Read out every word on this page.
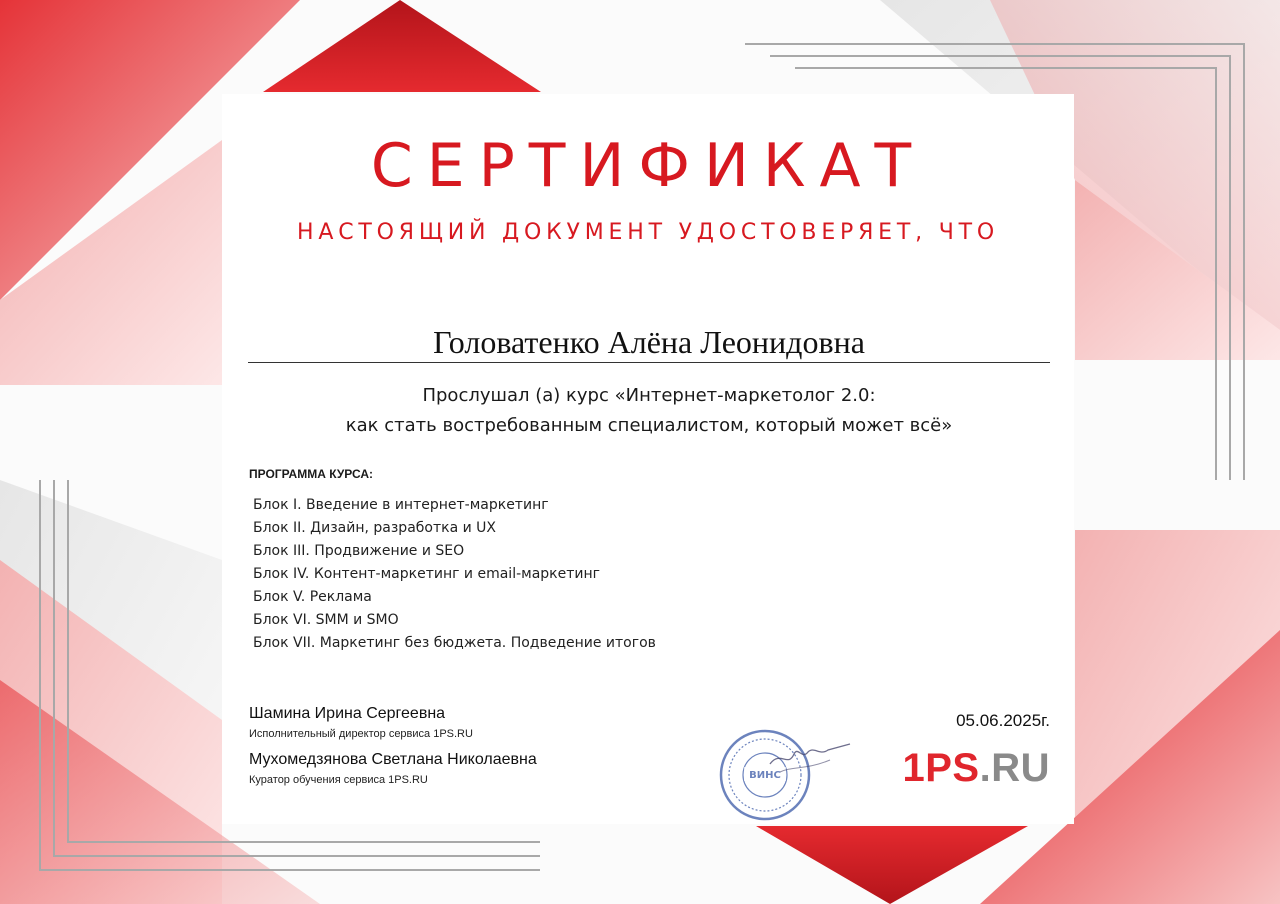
СЕРТИФИКАТ
НАСТОЯЩИЙ ДОКУМЕНТ УДОСТОВЕРЯЕТ, ЧТО
Головатенко Алёна Леонидовна
Прослушал (а) курс «Интернет-маркетолог 2.0:
как стать востребованным специалистом, который может всё»
ПРОГРАММА КУРСА:
Блок I. Введение в интернет-маркетинг
Блок II. Дизайн, разработка и UX
Блок III. Продвижение и SEO
Блок IV. Контент-маркетинг и email-маркетинг
Блок V. Реклама
Блок VI. SMM и SMO
Блок VII. Маркетинг без бюджета. Подведение итогов
Шамина Ирина Сергеевна
Исполнительный директор сервиса 1PS.RU
Мухомедзянова Светлана Николаевна
Куратор обучения сервиса 1PS.RU	ВИНС
05.06.2025г.
1PS.RU
